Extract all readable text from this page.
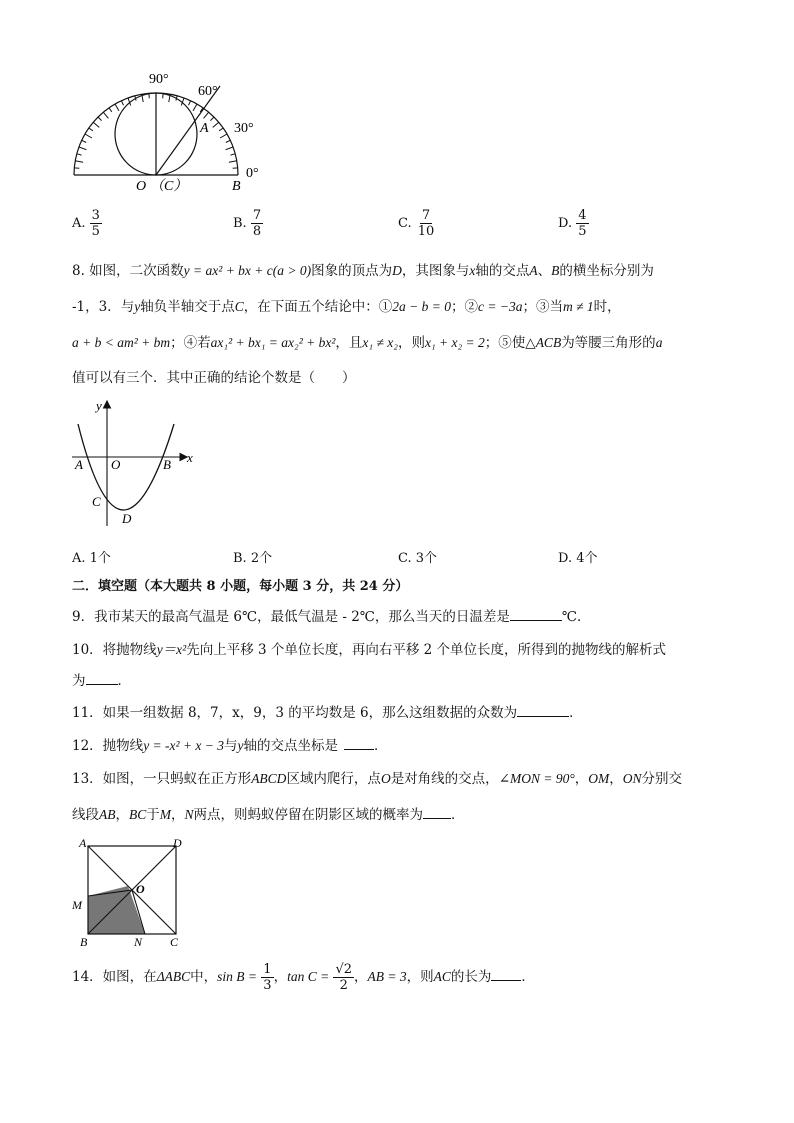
90°
60°
30°
0°
A
B
O （C）
A. $\frac{3}{5}$	B. $\frac{7}{8}$	C. $\frac{7}{10}$	D. $\frac{4}{5}$
8. 如图，二次函数y = ax² + bx + c(a > 0)图象的顶点为D，其图象与x轴的交点A、B的横坐标分别为
-1，3．与y轴负半轴交于点C，在下面五个结论中：①2a − b = 0；②c = −3a；③当m ≠ 1时，
a + b < am² + bm；④若ax₁² + bx₁ = ax₂² + bx²，且x₁ ≠ x₂，则x₁ + x₂ = 2；⑤使△ACB为等腰三角形的a
值可以有三个．其中正确的结论个数是（　　）
y
x
A O	B
C
D
A. 1个	B. 2个	C. 3个	D. 4个
二．填空题（本大题共 8 小题，每小题 3 分，共 24 分）
9．我市某天的最高气温是 6℃，最低气温是 - 2℃，那么当天的日温差是	℃．
10．将抛物线y＝x²先向上平移 3 个单位长度，再向右平移 2 个单位长度，所得到的抛物线的解析式
为 ．
11．如果一组数据 8，7，x，9，3 的平均数是 6，那么这组数据的众数为	．
12．抛物线y = -x² + x − 3与y轴的交点坐标是	．
13．如图，一只蚂蚁在正方形ABCD区域内爬行，点O是对角线的交点，∠MON = 90°，OM，ON分别交
线段AB，BC于M，N两点，则蚂蚁停留在阴影区域的概率为 ．
A	D
O
M
B	N C
14．如图，在ΔABC中，$\sin B = \frac{1}{3}$ ，$\tan C = \frac{√2}{2}$ ，AB = 3，则AC的长为 ．
